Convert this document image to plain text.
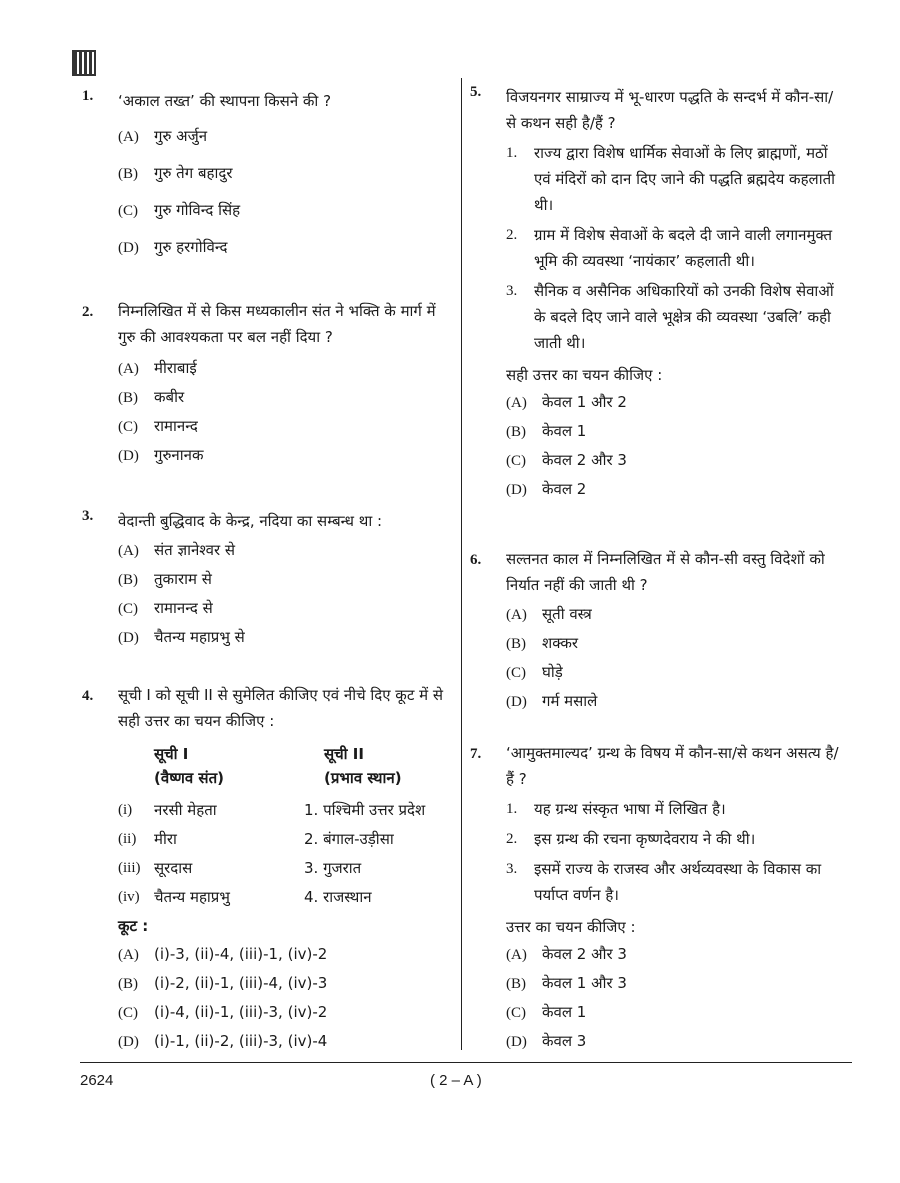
1. ‘अकाल तख्त’ की स्थापना किसने की ?
(A) गुरु अर्जुन
(B) गुरु तेग बहादुर
(C) गुरु गोविन्द सिंह
(D) गुरु हरगोविन्द
2. निम्नलिखित में से किस मध्यकालीन संत ने भक्ति के मार्ग में गुरु की आवश्यकता पर बल नहीं दिया ?
(A) मीराबाई
(B) कबीर
(C) रामानन्द
(D) गुरुनानक
3. वेदान्ती बुद्धिवाद के केन्द्र, नदिया का सम्बन्ध था :
(A) संत ज्ञानेश्वर से
(B) तुकाराम से
(C) रामानन्द से
(D) चैतन्य महाप्रभु से
4. सूची I को सूची II से सुमेलित कीजिए एवं नीचे दिए कूट में से सही उत्तर का चयन कीजिए :
सूची I	सूची II
(वैष्णव संत)	(प्रभाव स्थान)
(i)	नरसी मेहता	1. पश्चिमी उत्तर प्रदेश
(ii)	मीरा	2. बंगाल-उड़ीसा
(iii) सूरदास	3. गुजरात
(iv) चैतन्य महाप्रभु	4. राजस्थान
कूट :
(A) (i)-3, (ii)-4, (iii)-1, (iv)-2
(B) (i)-2, (ii)-1, (iii)-4, (iv)-3
(C) (i)-4, (ii)-1, (iii)-3, (iv)-2
(D) (i)-1, (ii)-2, (iii)-3, (iv)-4
5. विजयनगर साम्राज्य में भू-धारण पद्धति के सन्दर्भ में कौन-सा/से कथन सही है/हैं ?
1.	राज्य द्वारा विशेष धार्मिक सेवाओं के लिए ब्राह्मणों, मठों एवं मंदिरों को दान दिए जाने की पद्धति ब्रह्मदेय कहलाती थी।
2.	ग्राम में विशेष सेवाओं के बदले दी जाने वाली लगानमुक्त भूमि की व्यवस्था ‘नायंकार’ कहलाती थी।
3.	सैनिक व असैनिक अधिकारियों को उनकी विशेष सेवाओं के बदले दिए जाने वाले भूक्षेत्र की व्यवस्था ‘उबलि’ कही जाती थी।
सही उत्तर का चयन कीजिए :
(A) केवल 1 और 2
(B) केवल 1
(C) केवल 2 और 3
(D) केवल 2
6. सल्तनत काल में निम्नलिखित में से कौन-सी वस्तु विदेशों को निर्यात नहीं की जाती थी ?
(A) सूती वस्त्र
(B) शक्कर
(C) घोड़े
(D) गर्म मसाले
7. ‘आमुक्तमाल्यद’ ग्रन्थ के विषय में कौन-सा/से कथन असत्य है/हैं ?
1.	यह ग्रन्थ संस्कृत भाषा में लिखित है।
2.	इस ग्रन्थ की रचना कृष्णदेवराय ने की थी।
3.	इसमें राज्य के राजस्व और अर्थव्यवस्था के विकास का पर्याप्त वर्णन है।
उत्तर का चयन कीजिए :
(A) केवल 2 और 3
(B) केवल 1 और 3
(C) केवल 1
(D) केवल 3
2624	( 2 – A )
